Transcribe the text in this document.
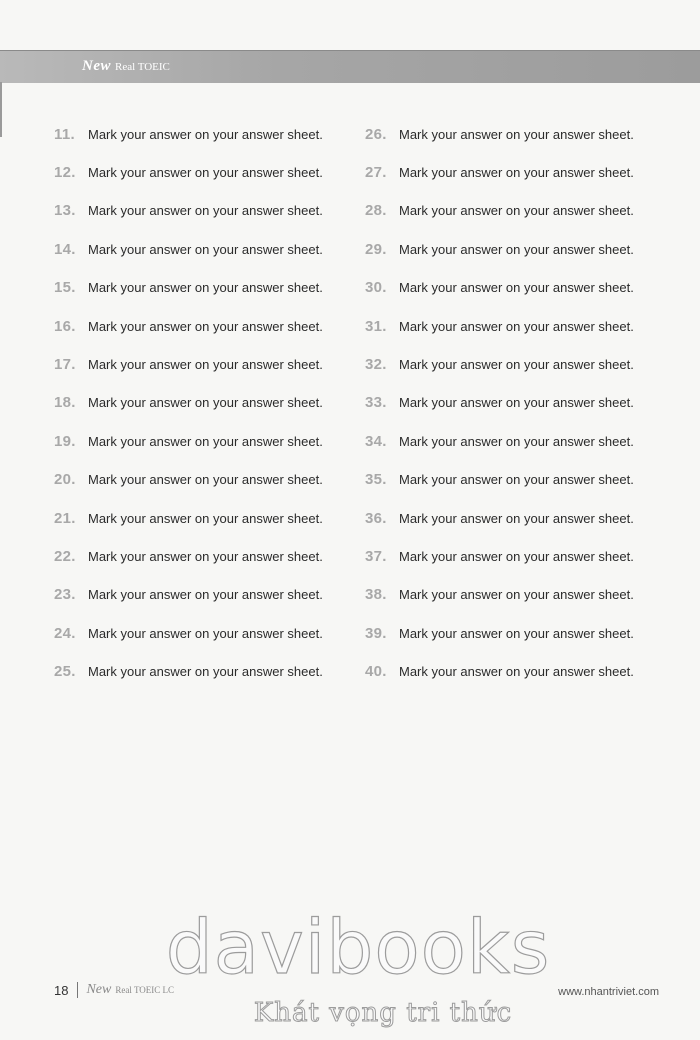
New Real TOEIC
11.	Mark your answer on your answer sheet.
12. Mark your answer on your answer sheet.
13. Mark your answer on your answer sheet.
14. Mark your answer on your answer sheet.
15. Mark your answer on your answer sheet.
16. Mark your answer on your answer sheet.
17. Mark your answer on your answer sheet.
18. Mark your answer on your answer sheet.
19. Mark your answer on your answer sheet.
20. Mark your answer on your answer sheet.
21. Mark your answer on your answer sheet.
22. Mark your answer on your answer sheet.
23. Mark your answer on your answer sheet.
24. Mark your answer on your answer sheet.
25. Mark your answer on your answer sheet.
26. Mark your answer on your answer sheet.
27. Mark your answer on your answer sheet.
28. Mark your answer on your answer sheet.
29. Mark your answer on your answer sheet.
30. Mark your answer on your answer sheet.
31. Mark your answer on your answer sheet.
32. Mark your answer on your answer sheet.
33. Mark your answer on your answer sheet.
34. Mark your answer on your answer sheet.
35. Mark your answer on your answer sheet.
36. Mark your answer on your answer sheet.
37. Mark your answer on your answer sheet.
38. Mark your answer on your answer sheet.
39. Mark your answer on your answer sheet.
40. Mark your answer on your answer sheet.
davibooks
Khát vọng tri thức
18 New Real TOEIC LC	www.nhantriviet.com
